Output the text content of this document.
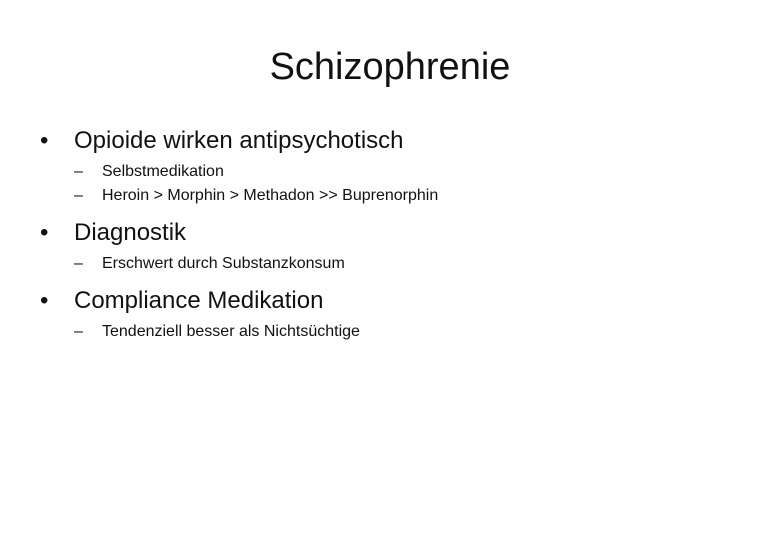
Schizophrenie
• Opioide wirken antipsychotisch
– Selbstmedikation
– Heroin > Morphin > Methadon >> Buprenorphin
• Diagnostik
– Erschwert durch Substanzkonsum
• Compliance Medikation
– Tendenziell besser als Nichtsüchtige
